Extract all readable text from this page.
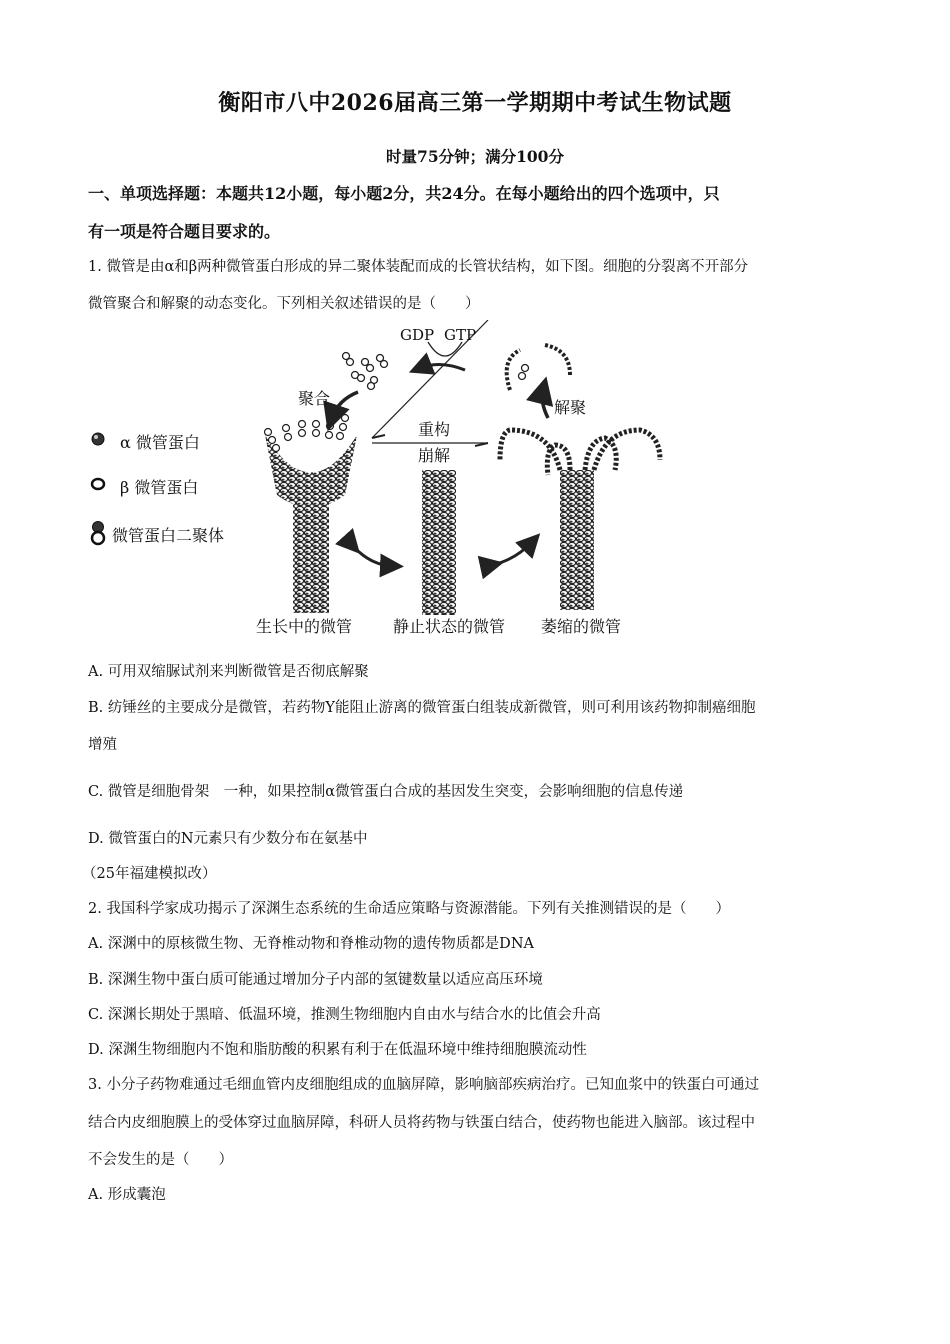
衡阳市八中2026届高三第一学期期中考试生物试题
时量75分钟；满分100分
一、单项选择题：本题共12小题，每小题2分，共24分。在每小题给出的四个选项中，只
有一项是符合题目要求的。
1. 微管是由α和β两种微管蛋白形成的异二聚体装配而成的长管状结构，如下图。细胞的分裂离不开部分
微管聚合和解聚的动态变化。下列相关叙述错误的是（　　）
α 微管蛋白
β 微管蛋白
微管蛋白二聚体
GDP GTP
聚合	解聚
重构
崩解
生长中的微管	静止状态的微管 萎缩的微管
A. 可用双缩脲试剂来判断微管是否彻底解聚
B. 纺锤丝的主要成分是微管，若药物Y能阻止游离的微管蛋白组装成新微管，则可利用该药物抑制癌细胞
增殖
C. 微管是细胞骨架　一种，如果控制α微管蛋白合成的基因发生突变，会影响细胞的信息传递
D. 微管蛋白的N元素只有少数分布在氨基中
（25年福建模拟改）
2. 我国科学家成功揭示了深渊生态系统的生命适应策略与资源潜能。下列有关推测错误的是（　　）
A. 深渊中的原核微生物、无脊椎动物和脊椎动物的遗传物质都是DNA
B. 深渊生物中蛋白质可能通过增加分子内部的氢键数量以适应高压环境
C. 深渊长期处于黑暗、低温环境，推测生物细胞内自由水与结合水的比值会升高
D. 深渊生物细胞内不饱和脂肪酸的积累有利于在低温环境中维持细胞膜流动性
3. 小分子药物难通过毛细血管内皮细胞组成的血脑屏障，影响脑部疾病治疗。已知血浆中的铁蛋白可通过
结合内皮细胞膜上的受体穿过血脑屏障，科研人员将药物与铁蛋白结合，使药物也能进入脑部。该过程中
不会发生的是（　　）
A. 形成囊泡
